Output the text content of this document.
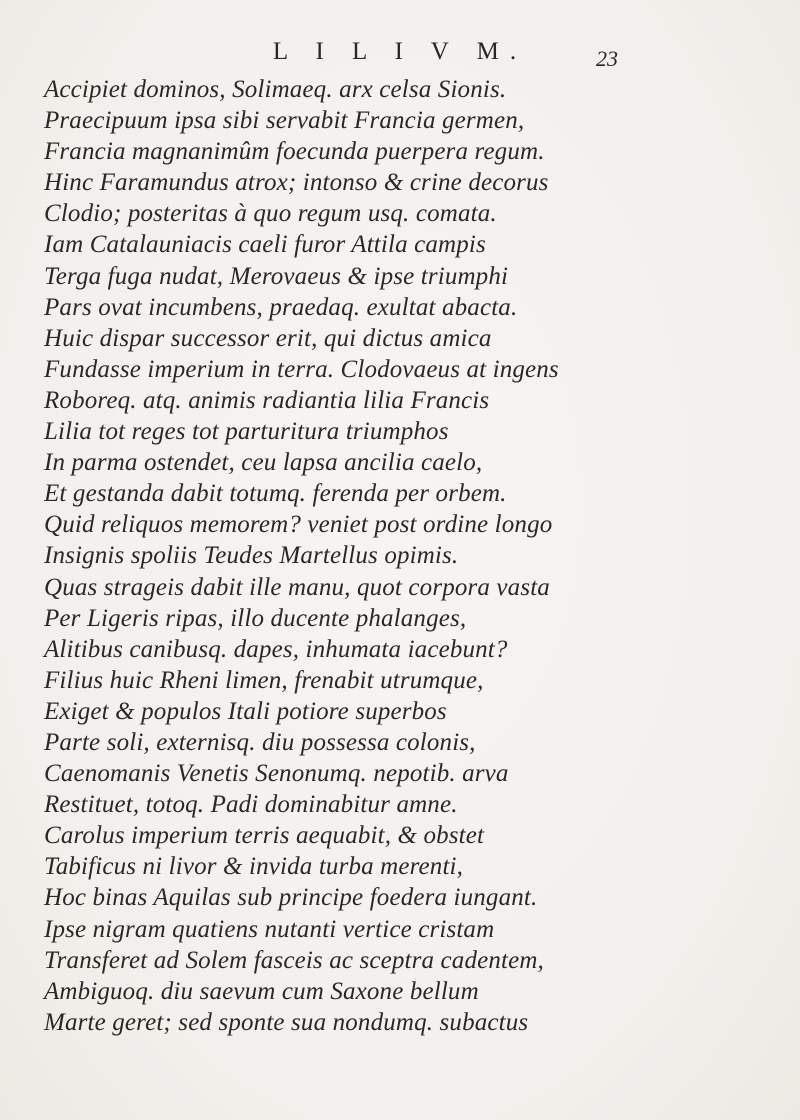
L I L I V M.	23
Accipiet dominos, Solimaeq. arx celsa Sionis.
Praecipuum ipsa sibi servabit Francia germen,
Francia magnanimûm foecunda puerpera regum.
Hinc Faramundus atrox; intonso & crine decorus
Clodio; posteritas à quo regum usq. comata.
Iam Catalauniacis caeli furor Attila campis
Terga fuga nudat, Merovaeus & ipse triumphi
Pars ovat incumbens, praedaq. exultat abacta.
Huic dispar successor erit, qui dictus amica
Fundasse imperium in terra. Clodovaeus at ingens
Roboreq. atq. animis radiantia lilia Francis
Lilia tot reges tot parturitura triumphos
In parma ostendet, ceu lapsa ancilia caelo,
Et gestanda dabit totumq. ferenda per orbem.
Quid reliquos memorem? veniet post ordine longo
Insignis spoliis Teudes Martellus opimis.
Quas strageis dabit ille manu, quot corpora vasta
Per Ligeris ripas, illo ducente phalanges,
Alitibus canibusq. dapes, inhumata iacebunt?
Filius huic Rheni limen, frenabit utrumque,
Exiget & populos Itali potiore superbos
Parte soli, externisq. diu possessa colonis,
Caenomanis Venetis Senonumq. nepotib. arva
Restituet, totoq. Padi dominabitur amne.
Carolus imperium terris aequabit, & obstet
Tabificus ni livor & invida turba merenti,
Hoc binas Aquilas sub principe foedera iungant.
Ipse nigram quatiens nutanti vertice cristam
Transferet ad Solem fasceis ac sceptra cadentem,
Ambiguoq. diu saevum cum Saxone bellum
Marte geret; sed sponte sua nondumq. subactus
